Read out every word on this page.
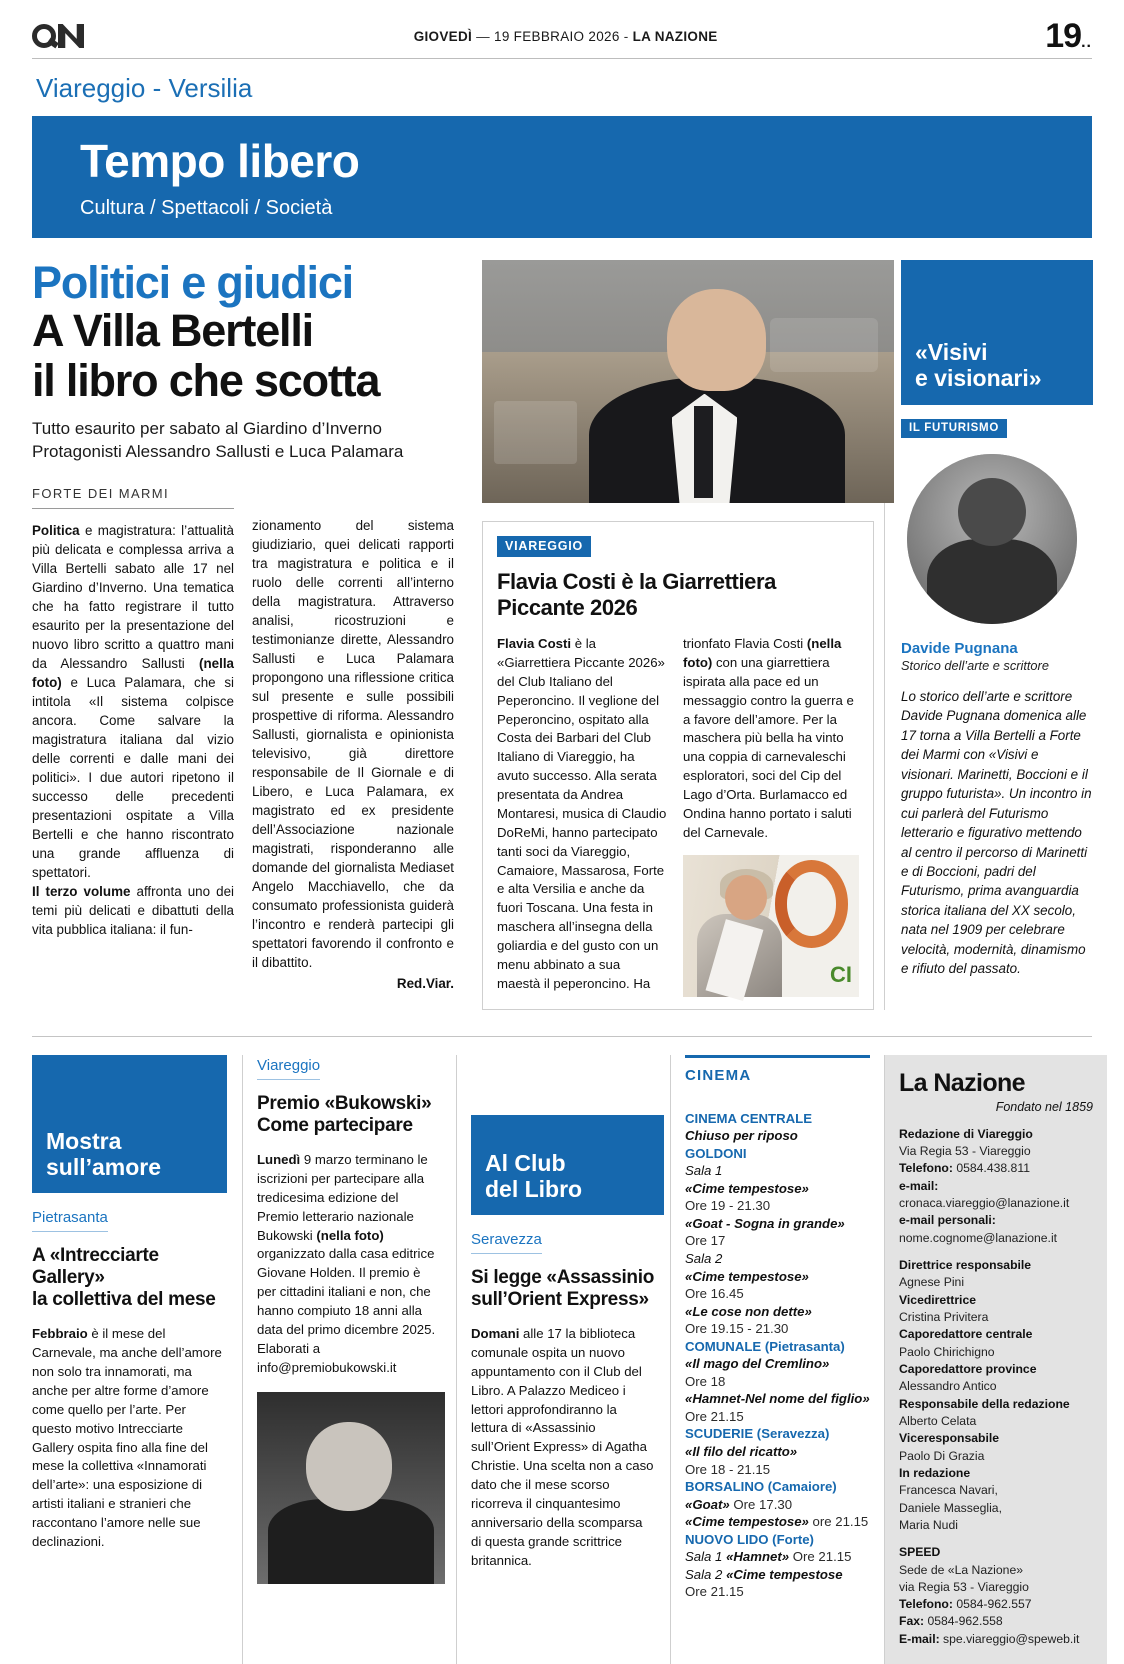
GIOVEDÌ — 19 FEBBRAIO 2026 - LA NAZIONE	19..
Viareggio - Versilia
Tempo libero
Cultura / Spettacoli / Società
Politici e giudici
A Villa Bertelli
il libro che scotta
Tutto esaurito per sabato al Giardino d’Inverno
Protagonisti Alessandro Sallusti e Luca Palamara
FORTE DEI MARMI

Politica e magistratura: l’attualità più delicata e complessa arriva a Villa Bertelli sabato alle 17 nel Giardino d’Inverno. Una tematica che ha fatto registrare il tutto esaurito per la presentazione del nuovo libro scritto a quattro mani da Alessandro Sallusti (nella foto) e Luca Palamara, che si intitola «Il sistema colpisce ancora. Come salvare la magistratura italiana dal vizio delle correnti e dalle mani dei politici». I due autori ripetono il successo delle precedenti presentazioni ospitate a Villa Bertelli e che hanno riscontrato una grande affluenza di spettatori.

Il terzo volume affronta uno dei temi più delicati e dibattuti della vita pubblica italiana: il fun-

zionamento del sistema giudiziario, quei delicati rapporti tra magistratura e politica e il ruolo delle correnti all’interno della magistratura. Attraverso analisi, ricostruzioni e testimonianze dirette, Alessandro Sallusti e Luca Palamara propongono una riflessione critica sul presente e sulle possibili prospettive di riforma. Alessandro Sallusti, giornalista e opinionista televisivo, già direttore responsabile de Il Giornale e di Libero, e Luca Palamara, ex magistrato ed ex presidente dell’Associazione nazionale magistrati, risponderanno alle domande del giornalista Mediaset Angelo Macchiavello, che da consumato professionista guiderà l’incontro e renderà partecipi gli spettatori favorendo il confronto e il dibattito.
Red.Viar.
VIAREGGIO
Flavia Costi è la Giarrettiera Piccante 2026
Flavia Costi è la «Giarrettiera Piccante 2026» del Club Italiano del Peperoncino. Il veglione del Peperoncino, ospitato alla Costa dei Barbari del Club Italiano di Viareggio, ha avuto successo. Alla serata presentata da Andrea Montaresi, musica di Claudio DoReMi, hanno partecipato tanti soci da Viareggio, Camaiore, Massarosa, Forte e alta Versilia e anche da fuori Toscana. Una festa in maschera all’insegna della goliardia e del gusto con un menu abbinato a sua maestà il peperoncino. Ha
trionfato Flavia Costi (nella foto) con una giarrettiera ispirata alla pace ed un messaggio contro la guerra e a favore dell’amore. Per la maschera più bella ha vinto una coppia di carnevaleschi esploratori, soci del Cip del Lago d’Orta. Burlamacco ed Ondina hanno portato i saluti del Carnevale.
CI
«Visivi
e visionari»
IL FUTURISMO
Davide Pugnana
Storico dell’arte e scrittore
Lo storico dell’arte e scrittore Davide Pugnana domenica alle 17 torna a Villa Bertelli a Forte dei Marmi con «Visivi e visionari. Marinetti, Boccioni e il gruppo futurista». Un incontro in cui parlerà del Futurismo letterario e figurativo mettendo al centro il percorso di Marinetti e di Boccioni, padri del Futurismo, prima avanguardia storica italiana del XX secolo, nata nel 1909 per celebrare velocità, modernità, dinamismo e rifiuto del passato.
Mostra
sull’amore
Pietrasanta
A «Intrecciarte Gallery»
la collettiva del mese
Febbraio è il mese del Carnevale, ma anche dell’amore non solo tra innamorati, ma anche per altre forme d’amore come quello per l’arte. Per questo motivo Intrecciarte Gallery ospita fino alla fine del mese la collettiva «Innamorati dell’arte»: una esposizione di artisti italiani e stranieri che raccontano l’amore nelle sue declinazioni.
Viareggio
Premio «Bukowski»
Come partecipare
Lunedì 9 marzo terminano le iscrizioni per partecipare alla tredicesima edizione del Premio letterario nazionale Bukowski (nella foto) organizzato dalla casa editrice Giovane Holden. Il premio è per cittadini italiani e non, che hanno compiuto 18 anni alla data del primo dicembre 2025. Elaborati a info@premiobukowski.it
Al Club
del Libro
Seravezza
Si legge «Assassinio
sull’Orient Express»
Domani alle 17 la biblioteca comunale ospita un nuovo appuntamento con il Club del Libro. A Palazzo Mediceo i lettori approfondiranno la lettura di «Assassinio sull’Orient Express» di Agatha Christie. Una scelta non a caso dato che il mese scorso ricorreva il cinquantesimo anniversario della scomparsa di questa grande scrittrice britannica.
CINEMA
CINEMA CENTRALE
Chiuso per riposo
GOLDONI
Sala 1
«Cime tempestose»
Ore 19 - 21.30
«Goat - Sogna in grande»
Ore 17
Sala 2
«Cime tempestose»
Ore 16.45
«Le cose non dette»
Ore 19.15 - 21.30
COMUNALE (Pietrasanta)
«Il mago del Cremlino»
Ore 18
«Hamnet-Nel nome del figlio»
Ore 21.15
SCUDERIE (Seravezza)
«Il filo del ricatto»
Ore 18 - 21.15
BORSALINO (Camaiore)
«Goat» Ore 17.30
«Cime tempestose» ore 21.15
NUOVO LIDO (Forte)
Sala 1 «Hamnet» Ore 21.15
Sala 2 «Cime tempestose
Ore 21.15
La Nazione
Fondato nel 1859
Redazione di Viareggio
Via Regia 53 - Viareggio
Telefono: 0584.438.811
e-mail:
cronaca.viareggio@lanazione.it
e-mail personali:
nome.cognome@lanazione.it
Direttrice responsabile
Agnese Pini
Vicedirettrice
Cristina Privitera
Caporedattore centrale
Paolo Chirichigno
Caporedattore province
Alessandro Antico
Responsabile della redazione
Alberto Celata
Viceresponsabile
Paolo Di Grazia
In redazione
Francesca Navari,
Daniele Masseglia,
Maria Nudi
SPEED
Sede de «La Nazione»
via Regia 53 - Viareggio
Telefono: 0584-962.557
Fax: 0584-962.558
E-mail: spe.viareggio@speweb.it
